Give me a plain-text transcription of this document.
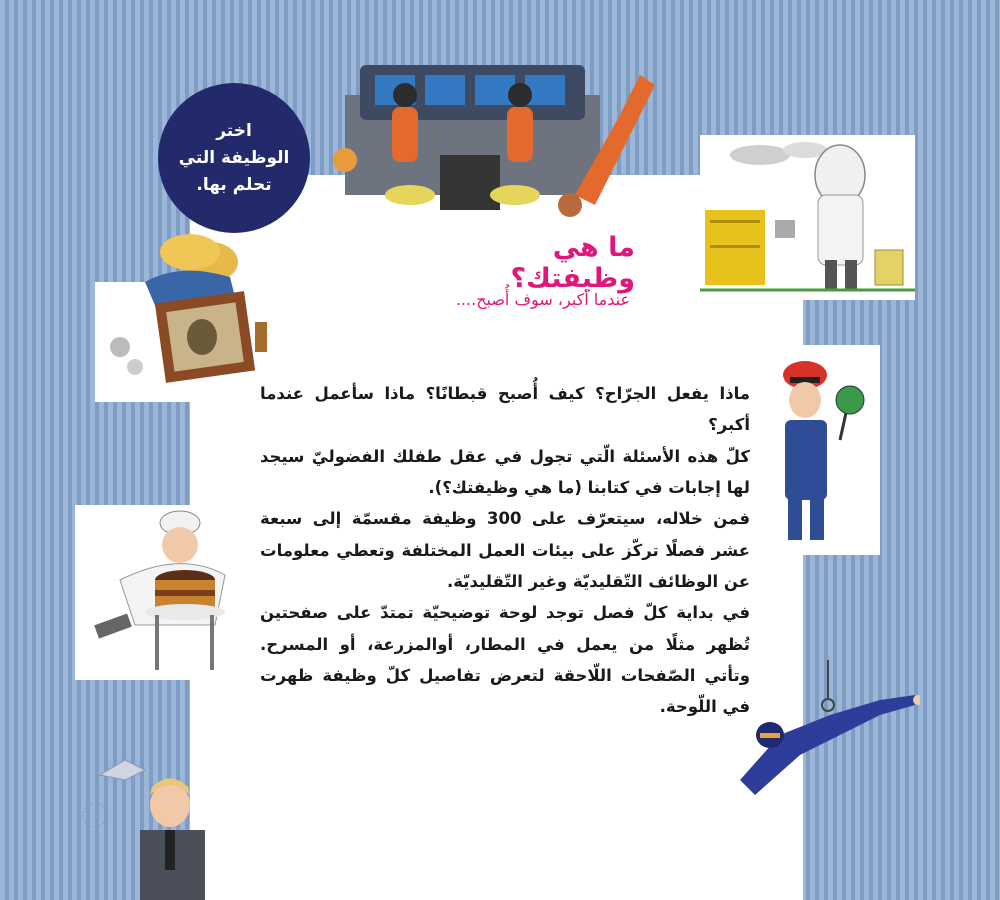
اختر
الوظيفة التي
تحلم بها.
ما هي وظيفتك؟
عندما أكبر، سوف أُصبح....

ماذا يفعل الجرّاح؟ كيف أُصبح قبطانًا؟ ماذا سأعمل عندما أكبر؟

كلّ هذه الأسئلة الّتي تجول في عقل طفلك الفضوليّ سيجد لها إجابات في كتابنا (ما هي وظيفتك؟).

فمن خلاله، سيتعرّف على 300 وظيفة مقسمّة إلى سبعة عشر فصلًا تركّز على بيئات العمل المختلفة وتعطي معلومات عن الوظائف التّقليديّة وغير التّقليديّة.

في بداية كلّ فصل توجد لوحة توضيحيّة تمتدّ على صفحتين تُظهر مثلًا من يعمل في المطار، أوالمزرعة، أو المسرح. وتأتي الصّفحات اللّاحقة لتعرض تفاصيل كلّ وظيفة ظهرت في اللّوحة.
